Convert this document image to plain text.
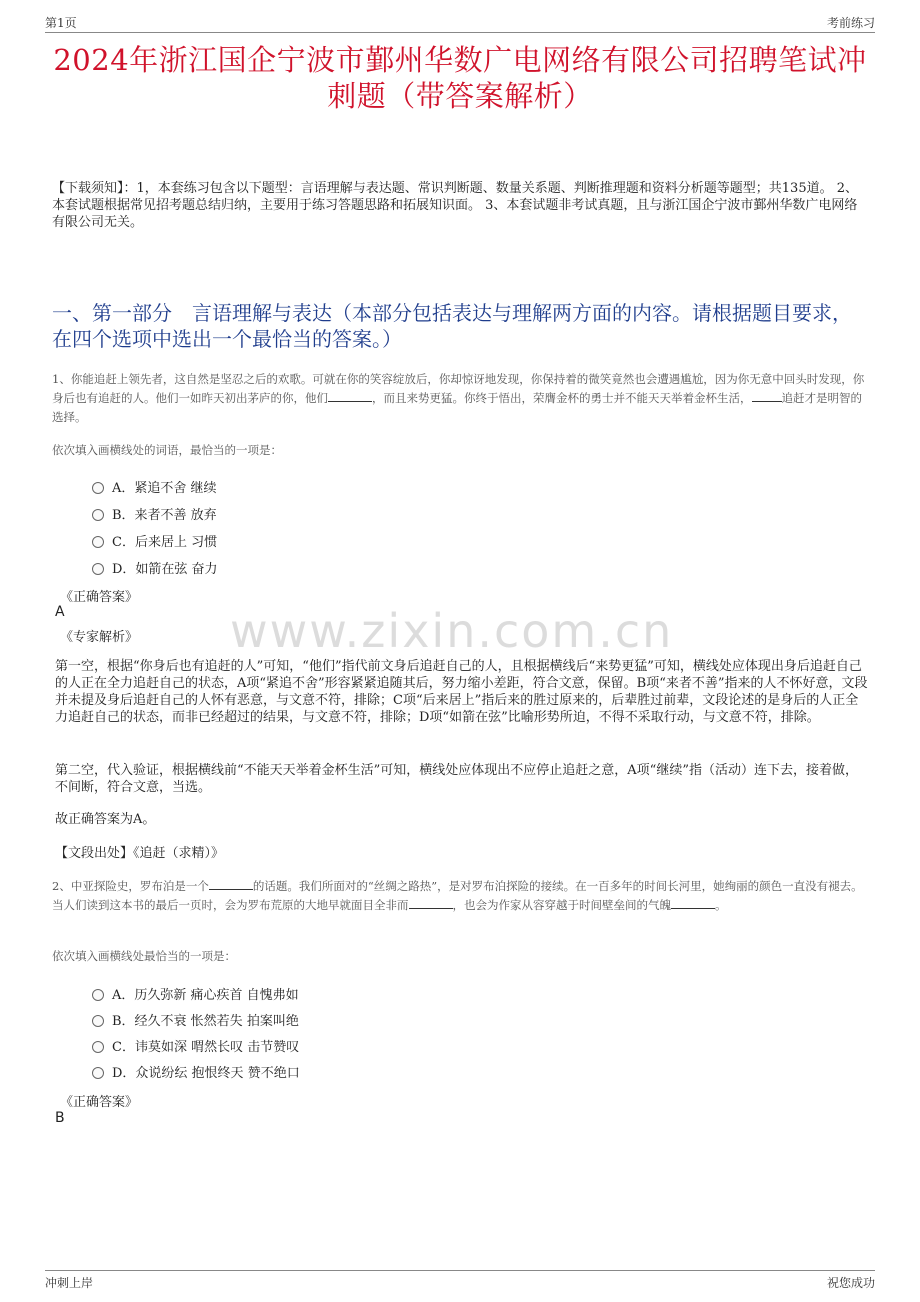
第1页	考前练习
2024年浙江国企宁波市鄞州华数广电网络有限公司招聘笔试冲刺题（带答案解析）
【下载须知】：1，本套练习包含以下题型：言语理解与表达题、常识判断题、数量关系题、判断推理题和资料分析题等题型；共135道。 2、本套试题根据常见招考题总结归纳，主要用于练习答题思路和拓展知识面。 3、本套试题非考试真题，且与浙江国企宁波市鄞州华数广电网络有限公司无关。
一、第一部分　言语理解与表达（本部分包括表达与理解两方面的内容。请根据题目要求，在四个选项中选出一个最恰当的答案。）
1、你能追赶上领先者，这自然是坚忍之后的欢歌。可就在你的笑容绽放后，你却惊讶地发现，你保持着的微笑竟然也会遭遇尴尬，因为你无意中回头时发现，你身后也有追赶的人。他们一如昨天初出茅庐的你，他们	，而且来势更猛。你终于悟出，荣膺金杯的勇士并不能天天举着金杯生活，	追赶才是明智的选择。
依次填入画横线处的词语，最恰当的一项是：
A．紧追不舍 继续
B．来者不善 放弃
C．后来居上 习惯
D．如箭在弦 奋力
《正确答案》
A
《专家解析》 www.zixin.com.cn
第一空，根据“你身后也有追赶的人”可知，“他们”指代前文身后追赶自己的人，且根据横线后“来势更猛”可知，横线处应体现出身后追赶自己的人正在全力追赶自己的状态，A项“紧追不舍”形容紧紧追随其后，努力缩小差距，符合文意，保留。B项“来者不善”指来的人不怀好意，文段并未提及身后追赶自己的人怀有恶意，与文意不符，排除；C项“后来居上”指后来的胜过原来的，后辈胜过前辈，文段论述的是身后的人正全力追赶自己的状态，而非已经超过的结果，与文意不符，排除；D项“如箭在弦”比喻形势所迫，不得不采取行动，与文意不符，排除。
第二空，代入验证，根据横线前“不能天天举着金杯生活”可知，横线处应体现出不应停止追赶之意，A项“继续”指（活动）连下去，接着做，不间断，符合文意，当选。
故正确答案为A。
【文段出处】《追赶（求精）》
2、中亚探险史，罗布泊是一个	的话题。我们所面对的“丝绸之路热”，是对罗布泊探险的接续。在一百多年的时间长河里，她绚丽的颜色一直没有褪去。当人们读到这本书的最后一页时，会为罗布荒原的大地早就面目全非而	，也会为作家从容穿越于时间壁垒间的气魄	。
依次填入画横线处最恰当的一项是：
A．历久弥新 痛心疾首 自愧弗如
B．经久不衰 怅然若失 拍案叫绝
C．讳莫如深 喟然长叹 击节赞叹
D．众说纷纭 抱恨终天 赞不绝口
《正确答案》
B
冲刺上岸	祝您成功
